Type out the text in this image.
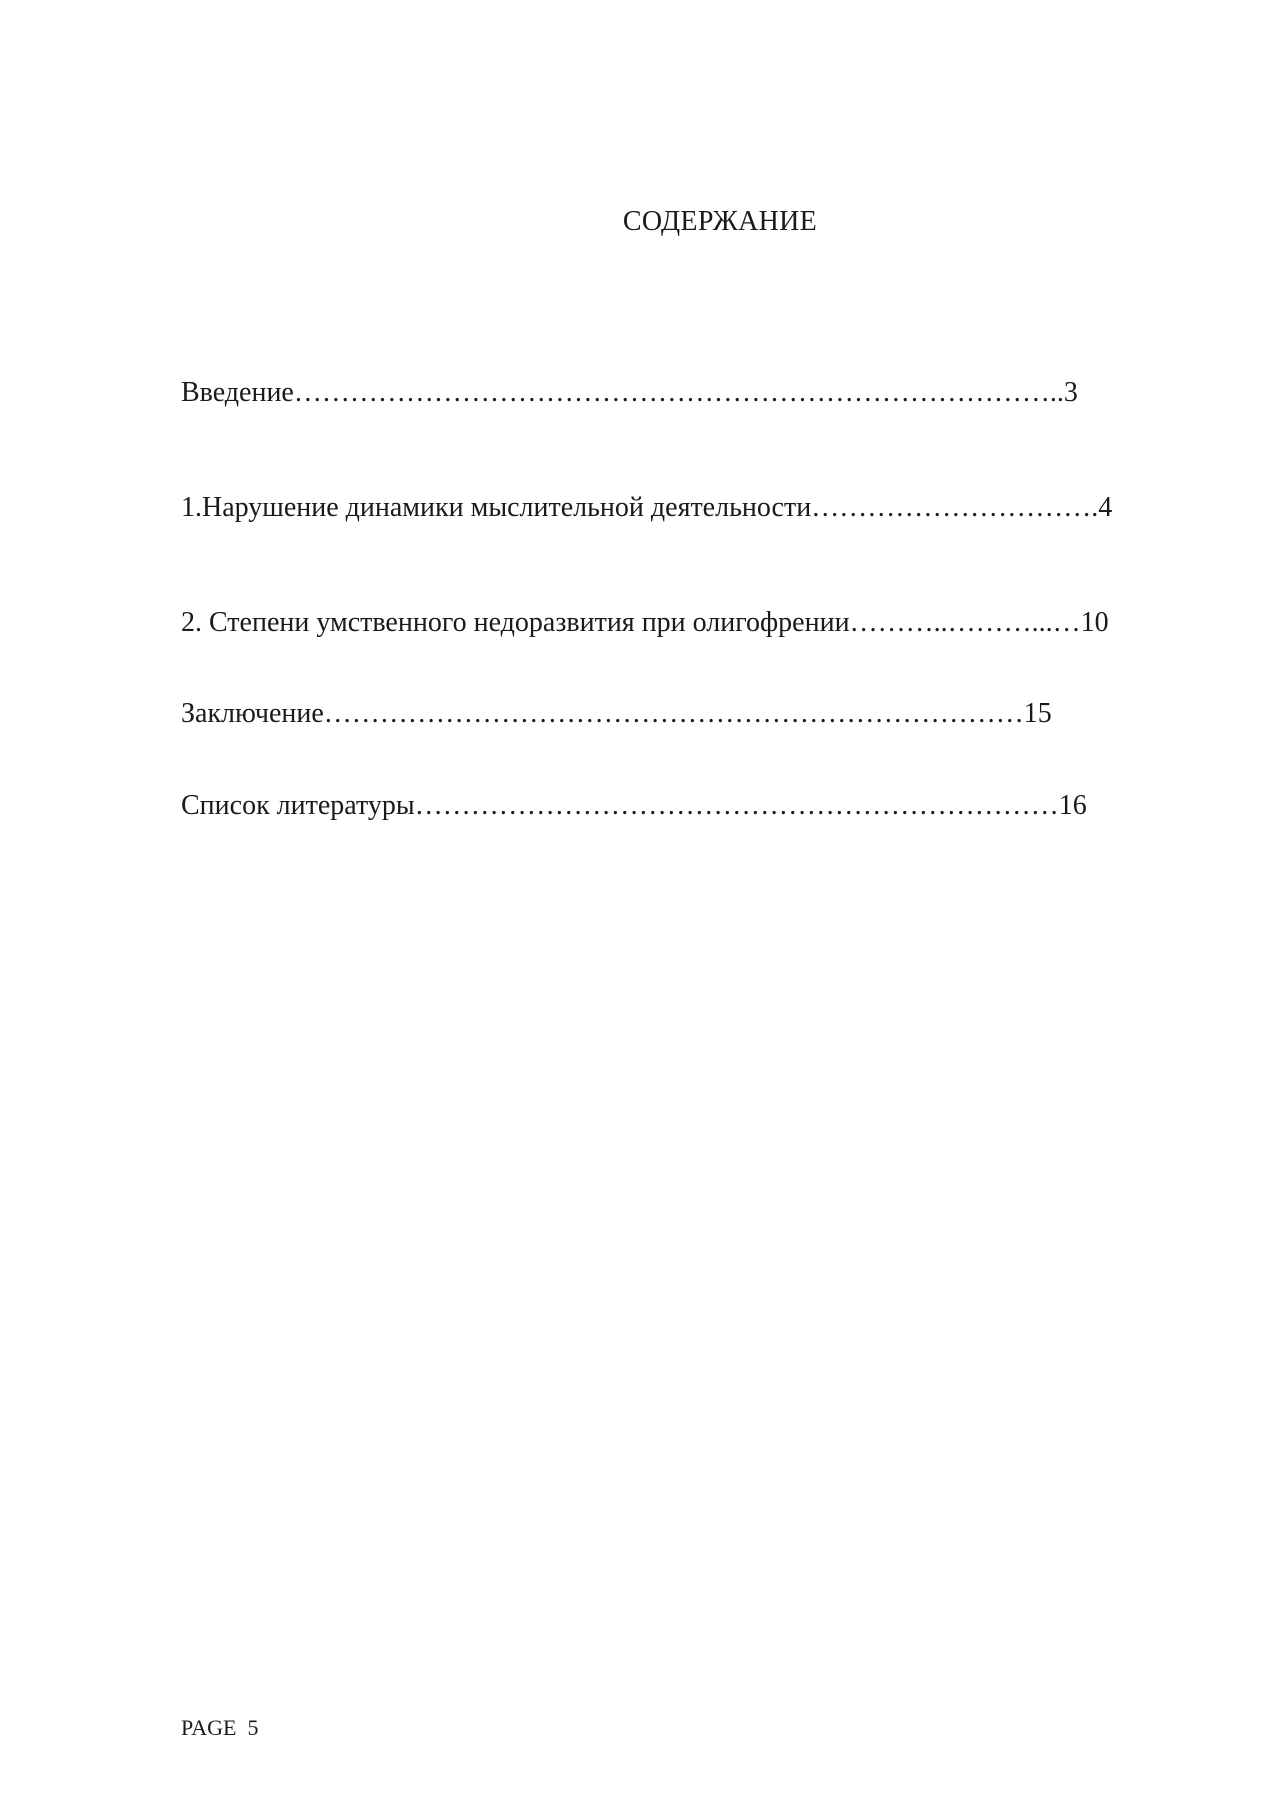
СОДЕРЖАНИЕ
Введение………………………………………………………………………..3
1.Нарушение динамики мыслительной деятельности………………………….4
2. Степени умственного недоразвития при олигофрении………..………...…10
Заключение…………………………………………………………………15
Список литературы……………………………………………………………16
PAGE 5
